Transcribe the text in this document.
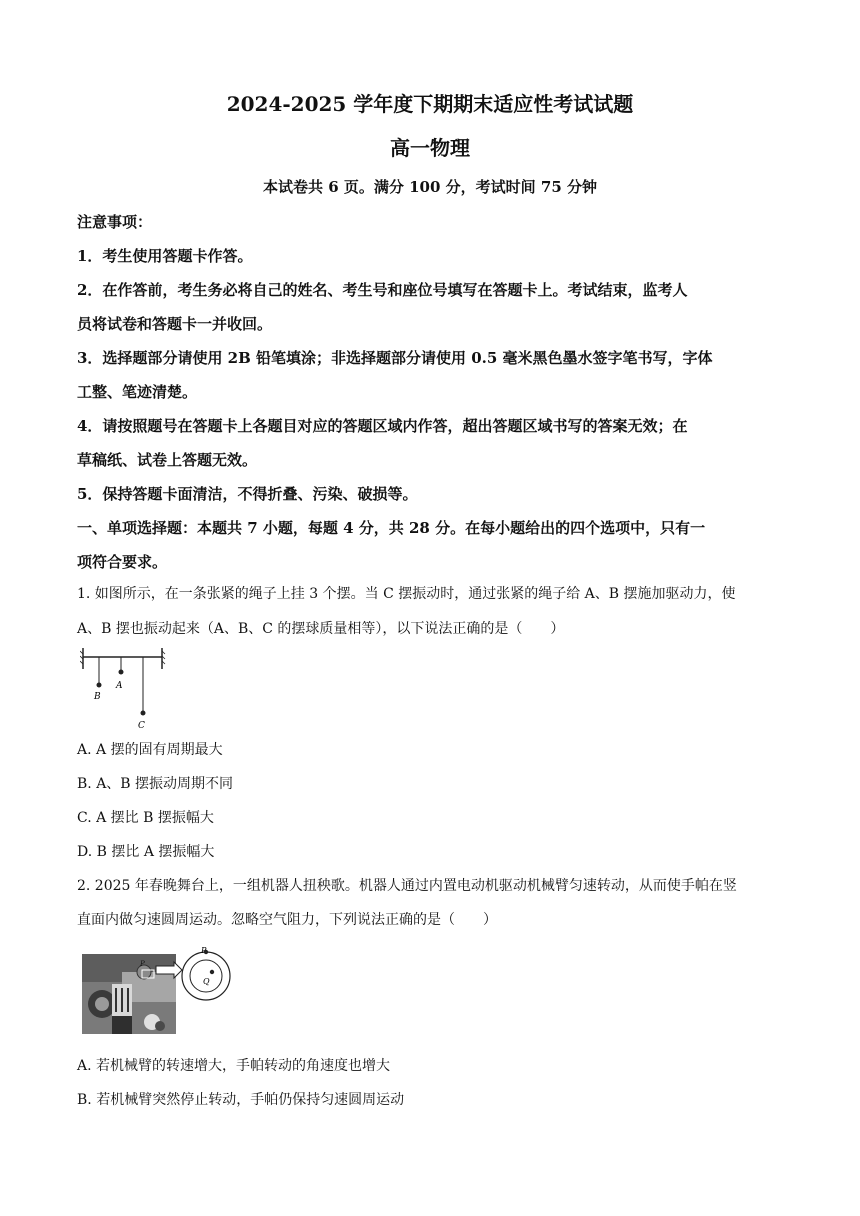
2024-2025 学年度下期期末适应性考试试题
高一物理
本试卷共 6 页。满分 100 分，考试时间 75 分钟
注意事项：
1．考生使用答题卡作答。
2．在作答前，考生务必将自己的姓名、考生号和座位号填写在答题卡上。考试结束，监考人
员将试卷和答题卡一并收回。
3．选择题部分请使用 2B 铅笔填涂；非选择题部分请使用 0.5 毫米黑色墨水签字笔书写，字体
工整、笔迹清楚。
4．请按照题号在答题卡上各题目对应的答题区域内作答，超出答题区域书写的答案无效；在
草稿纸、试卷上答题无效。
5．保持答题卡面清洁，不得折叠、污染、破损等。
一、单项选择题：本题共 7 小题，每题 4 分，共 28 分。在每小题给出的四个选项中，只有一
项符合要求。
1. 如图所示，在一条张紧的绳子上挂 3 个摆。当 C 摆振动时，通过张紧的绳子给 A、B 摆施加驱动力，使
A、B 摆也振动起来（A、B、C 的摆球质量相等），以下说法正确的是（　　）
B
A
C
A. A 摆的固有周期最大
B. A、B 摆振动周期不同
C. A 摆比 B 摆振幅大
D. B 摆比 A 摆振幅大
2. 2025 年春晚舞台上，一组机器人扭秧歌。机器人通过内置电动机驱动机械臂匀速转动，从而使手帕在竖
直面内做匀速圆周运动。忽略空气阻力，下列说法正确的是（　　）
P
P
Q
A. 若机械臂的转速增大，手帕转动的角速度也增大
B. 若机械臂突然停止转动，手帕仍保持匀速圆周运动
